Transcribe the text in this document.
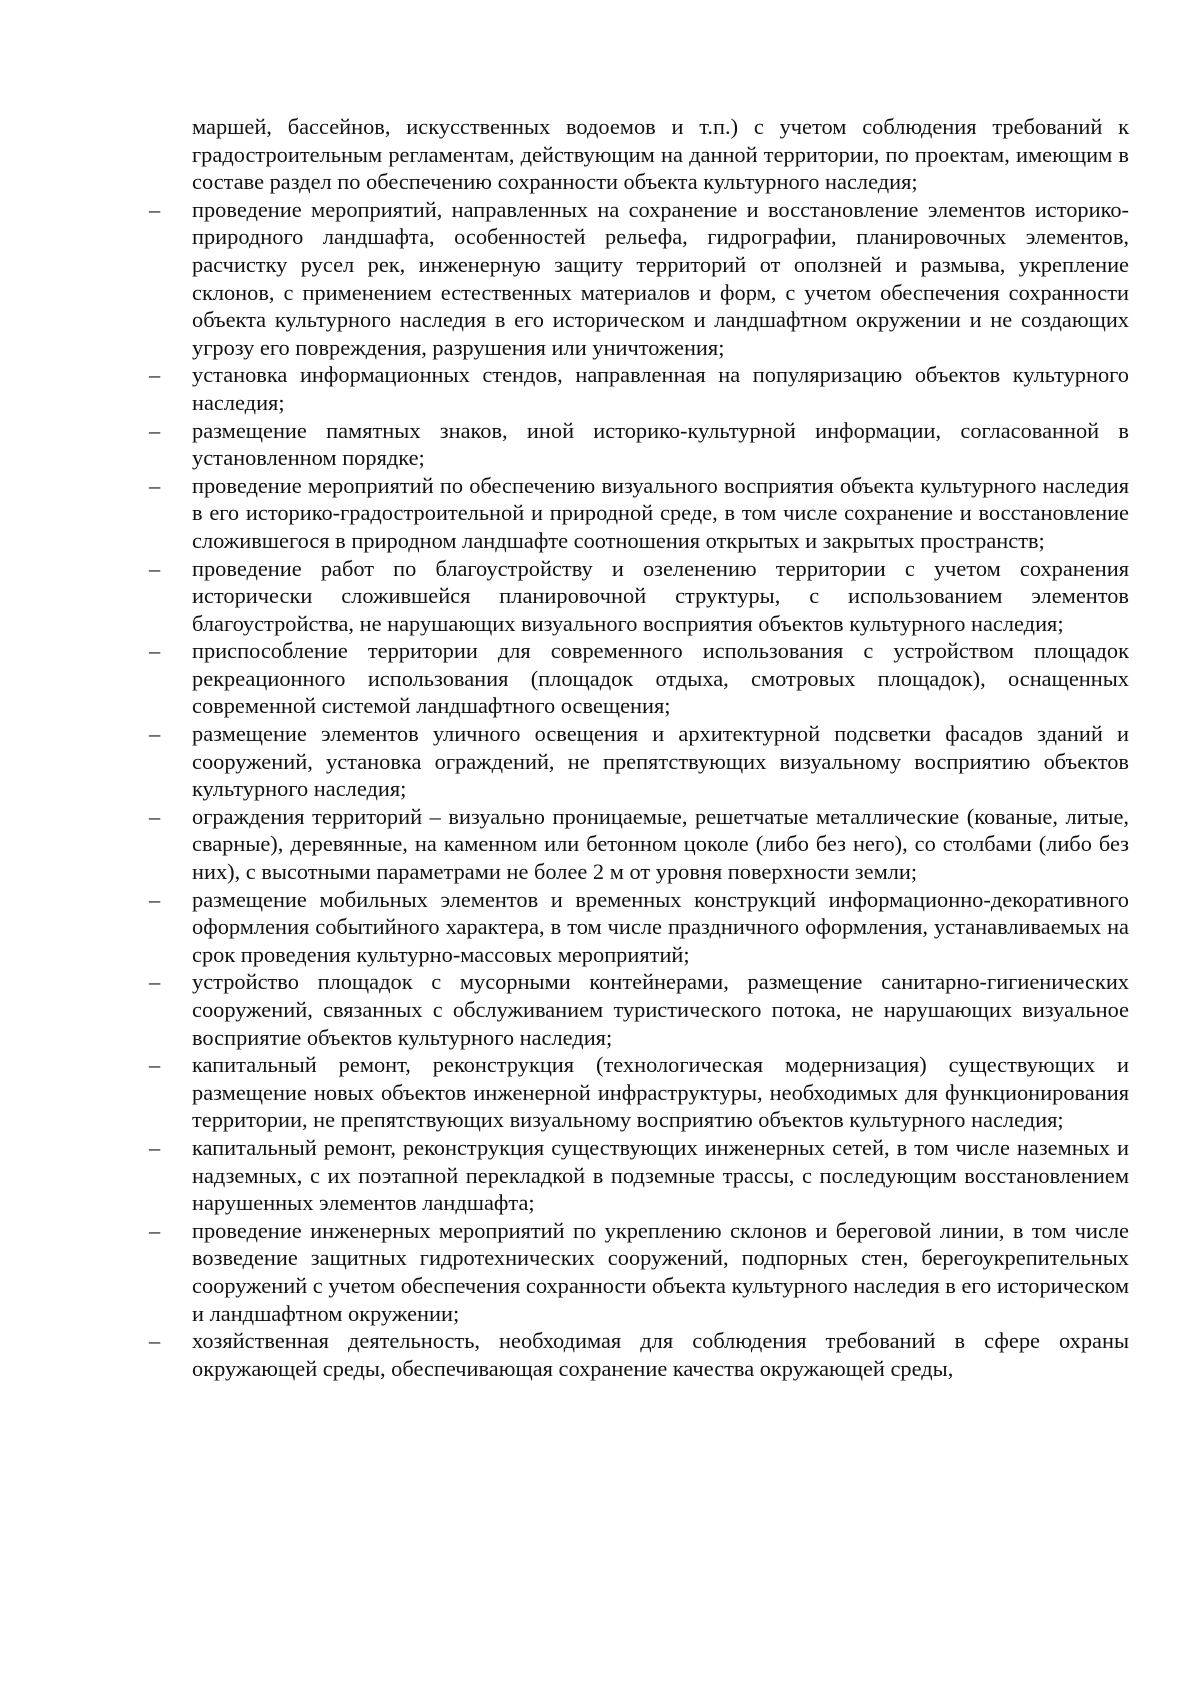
маршей, бассейнов, искусственных водоемов и т.п.) с учетом соблюдения требований к градостроительным регламентам, действующим на данной территории, по проектам, имеющим в составе раздел по обеспечению сохранности объекта культурного наследия;

–	проведение мероприятий, направленных на сохранение и восстановление элементов историко-природного ландшафта, особенностей рельефа, гидрографии, планировочных элементов, расчистку русел рек, инженерную защиту территорий от оползней и размыва, укрепление склонов, с применением естественных материалов и форм, с учетом обеспечения сохранности объекта культурного наследия в его историческом и ландшафтном окружении и не создающих угрозу его повреждения, разрушения или уничтожения;
–	установка информационных стендов, направленная на популяризацию объектов культурного наследия;
–	размещение памятных знаков, иной историко-культурной информации, согласованной в установленном порядке;
–	проведение мероприятий по обеспечению визуального восприятия объекта культурного наследия в его историко-градостроительной и природной среде, в том числе сохранение и восстановление сложившегося в природном ландшафте соотношения открытых и закрытых пространств;
–	проведение работ по благоустройству и озеленению территории с учетом сохранения исторически сложившейся планировочной структуры, с использованием элементов благоустройства, не нарушающих визуального восприятия объектов культурного наследия;
–	приспособление территории для современного использования с устройством площадок рекреационного использования (площадок отдыха, смотровых площадок), оснащенных современной системой ландшафтного освещения;
–	размещение элементов уличного освещения и архитектурной подсветки фасадов зданий и сооружений, установка ограждений, не препятствующих визуальному восприятию объектов культурного наследия;
–	ограждения территорий – визуально проницаемые, решетчатые металлические (кованые, литые, сварные), деревянные, на каменном или бетонном цоколе (либо без него), со столбами (либо без них), с высотными параметрами не более 2 м от уровня поверхности земли;
–	размещение мобильных элементов и временных конструкций информационно-декоративного оформления событийного характера, в том числе праздничного оформления, устанавливаемых на срок проведения культурно-массовых мероприятий;
–	устройство площадок с мусорными контейнерами, размещение санитарно-гигиенических сооружений, связанных с обслуживанием туристического потока, не нарушающих визуальное восприятие объектов культурного наследия;
–	капитальный ремонт, реконструкция (технологическая модернизация) существующих и размещение новых объектов инженерной инфраструктуры, необходимых для функционирования территории, не препятствующих визуальному восприятию объектов культурного наследия;
–	капитальный ремонт, реконструкция существующих инженерных сетей, в том числе наземных и надземных, с их поэтапной перекладкой в подземные трассы, с последующим восстановлением нарушенных элементов ландшафта;
–	проведение инженерных мероприятий по укреплению склонов и береговой линии, в том числе возведение защитных гидротехнических сооружений, подпорных стен, берегоукрепительных сооружений с учетом обеспечения сохранности объекта культурного наследия в его историческом и ландшафтном окружении;
–	хозяйственная деятельность, необходимая для соблюдения требований в сфере охраны окружающей среды, обеспечивающая сохранение качества окружающей среды,
